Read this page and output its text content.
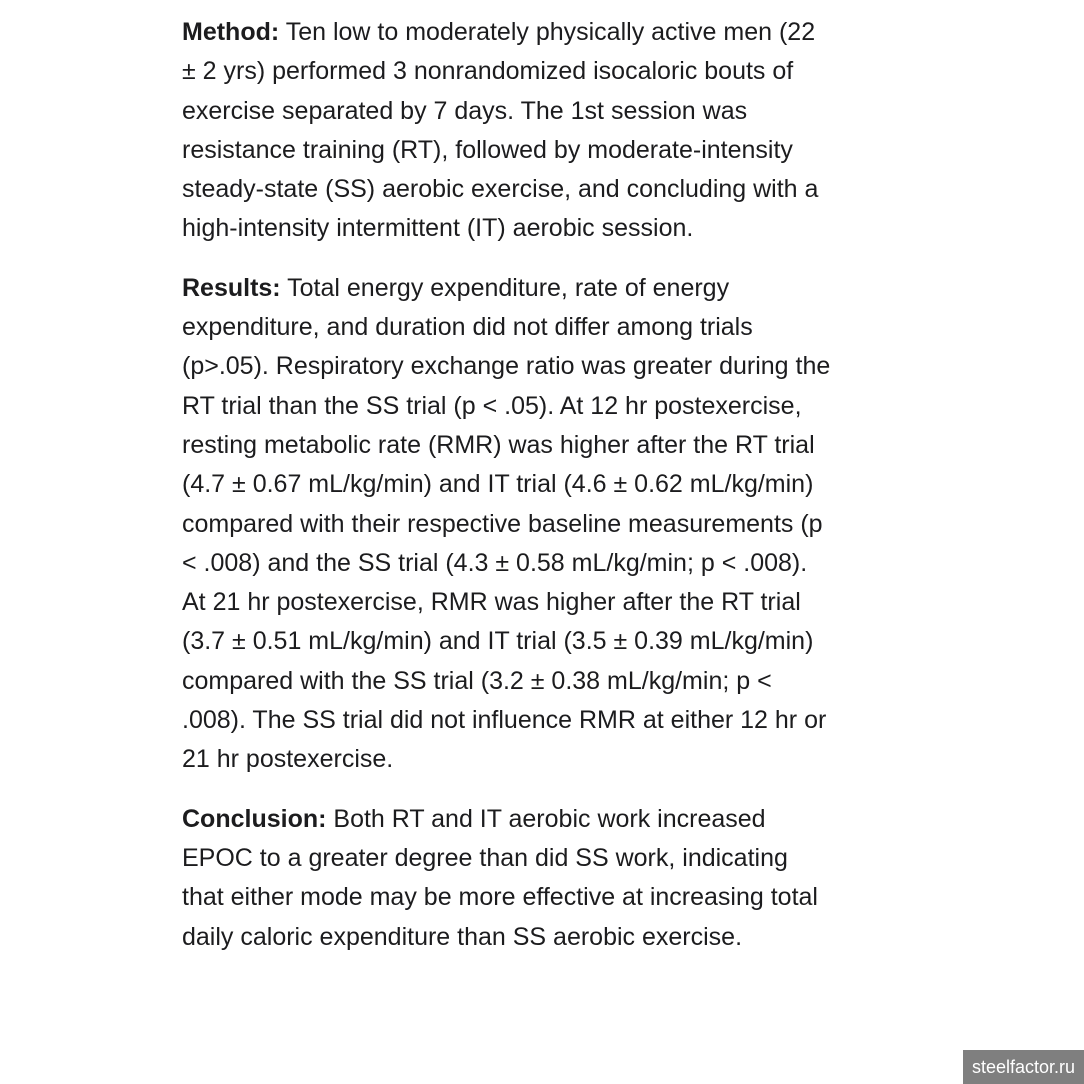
Method: Ten low to moderately physically active men (22 ± 2 yrs) performed 3 nonrandomized isocaloric bouts of exercise separated by 7 days. The 1st session was resistance training (RT), followed by moderate-intensity steady-state (SS) aerobic exercise, and concluding with a high-intensity intermittent (IT) aerobic session.

Results: Total energy expenditure, rate of energy expenditure, and duration did not differ among trials (p>.05). Respiratory exchange ratio was greater during the RT trial than the SS trial (p < .05). At 12 hr postexercise, resting metabolic rate (RMR) was higher after the RT trial (4.7 ± 0.67 mL/kg/min) and IT trial (4.6 ± 0.62 mL/kg/min) compared with their respective baseline measurements (p < .008) and the SS trial (4.3 ± 0.58 mL/kg/min; p < .008). At 21 hr postexercise, RMR was higher after the RT trial (3.7 ± 0.51 mL/kg/min) and IT trial (3.5 ± 0.39 mL/kg/min) compared with the SS trial (3.2 ± 0.38 mL/kg/min; p < .008). The SS trial did not influence RMR at either 12 hr or 21 hr postexercise.

Conclusion: Both RT and IT aerobic work increased EPOC to a greater degree than did SS work, indicating that either mode may be more effective at increasing total daily caloric expenditure than SS aerobic exercise.

steelfactor.ru
